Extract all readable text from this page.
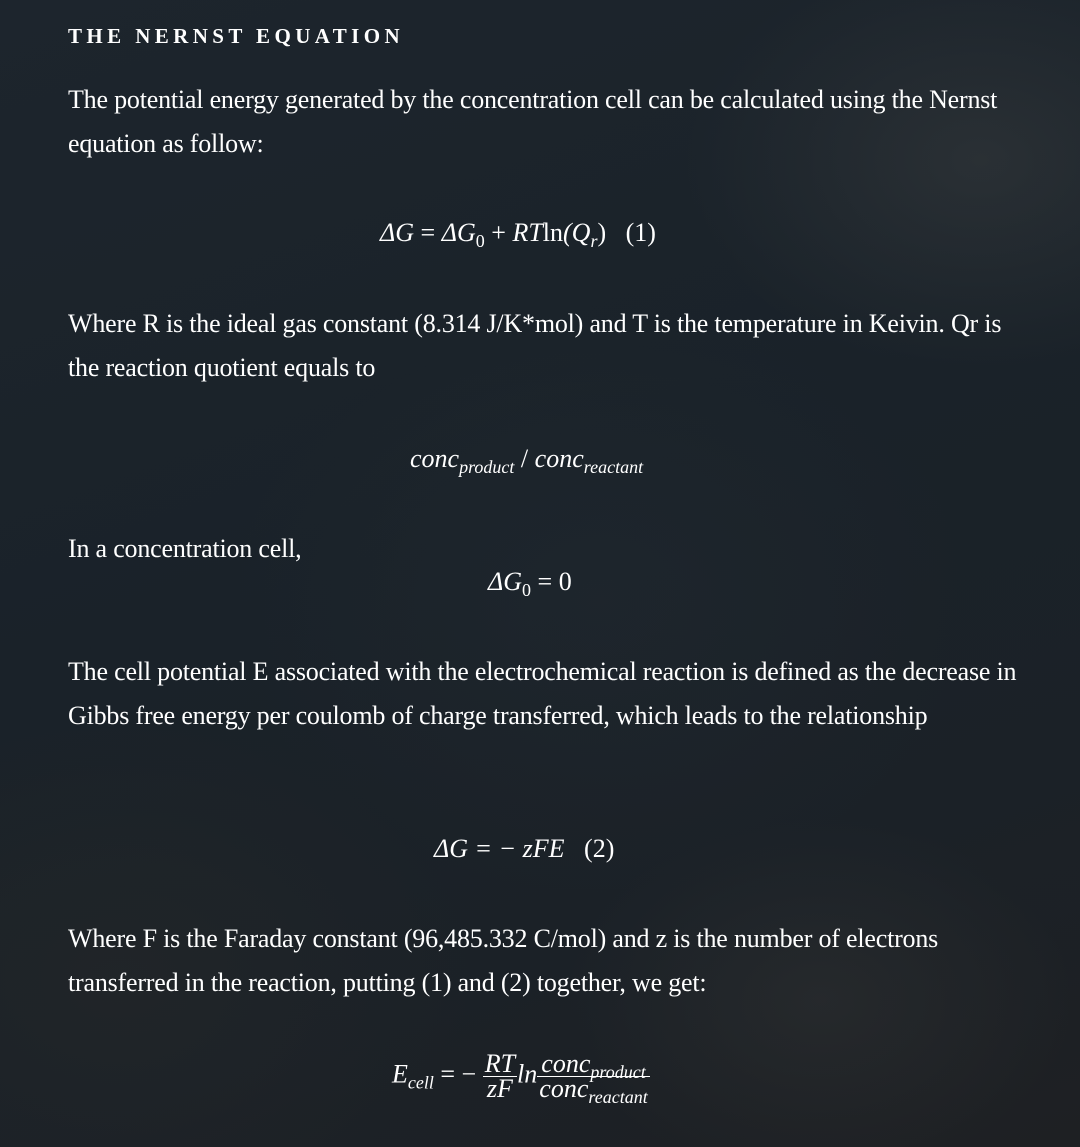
THE NERNST EQUATION

The potential energy generated by the concentration cell can be calculated using the Nernst equation as follow:

$\Delta G = \Delta G_0 + RTln(Q_r)$ (1)

Where R is the ideal gas constant (8.314 J/K*mol) and T is the temperature in Keivin. Qr is the reaction quotient equals to

conc$_{product}$ / conc$_{reactant}$

In a concentration cell,

$\Delta G_0 = 0$

The cell potential E associated with the electrochemical reaction is defined as the decrease in Gibbs free energy per coulomb of charge transferred, which leads to the relationship

ΔG = − zFE (2)

Where F is the Faraday constant (96,485.332 C/mol) and z is the number of electrons transferred in the reaction, putting (1) and (2) together, we get:

$E_{cell}$ = − $\frac{RT}{zF}$ $\ln \frac{conc_{product}}{conc_{reactant}}$
